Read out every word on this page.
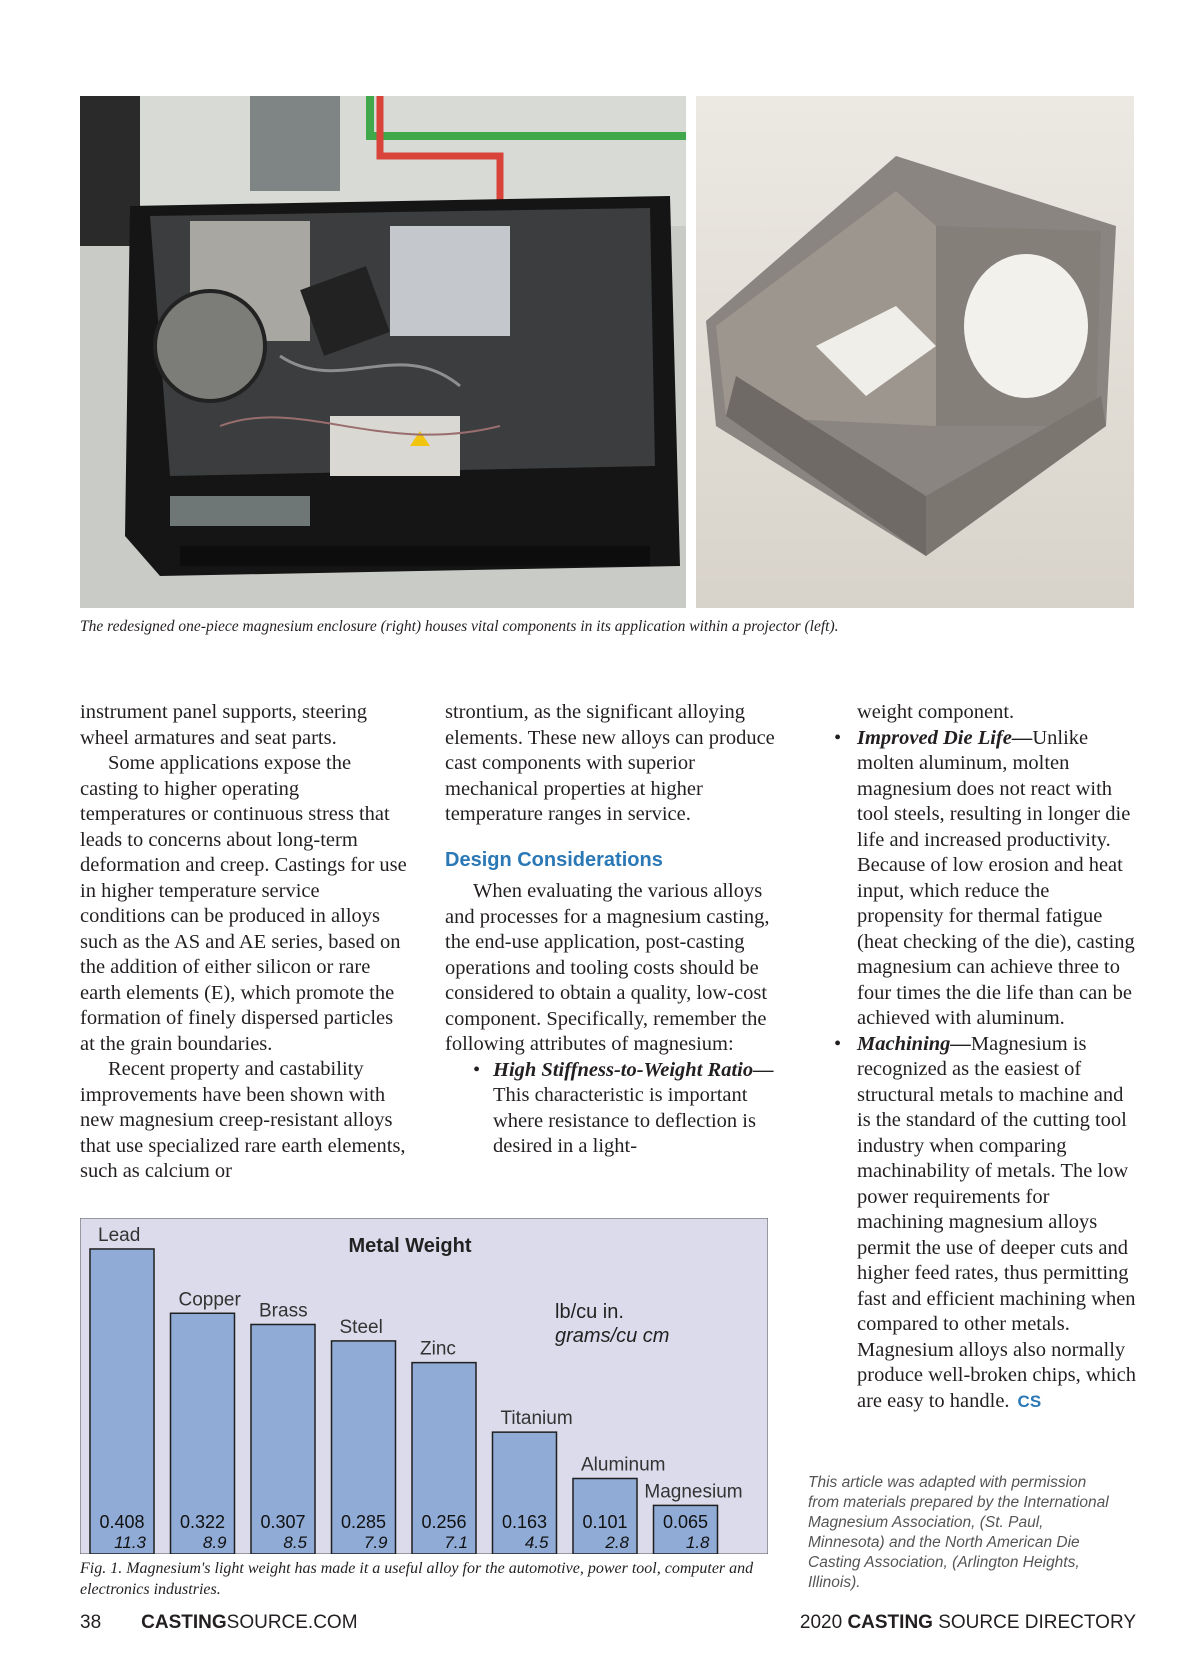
The redesigned one-piece magnesium enclosure (right) houses vital components in its application within a projector (left).

instrument panel supports, steering wheel armatures and seat parts.

Some applications expose the casting to higher operating temperatures or continuous stress that leads to concerns about long-term deformation and creep. Castings for use in higher temperature service conditions can be produced in alloys such as the AS and AE series, based on the addition of either silicon or rare earth elements (E), which promote the formation of finely dispersed particles at the grain boundaries.

Recent property and castability improvements have been shown with new magnesium creep-resistant alloys that use specialized rare earth elements, such as calcium or

strontium, as the significant alloying elements. These new alloys can produce cast components with superior mechanical properties at higher temperature ranges in service.

Design Considerations

When evaluating the various alloys and processes for a magnesium casting, the end-use application, post-casting operations and tooling costs should be considered to obtain a quality, low-cost component. Specifically, remember the following attributes of magnesium:

• High Stiffness-to-Weight Ratio—This characteristic is important where resistance to deflection is desired in a light-

weight component.

• Improved Die Life—Unlike molten aluminum, molten magnesium does not react with tool steels, resulting in longer die life and increased productivity. Because of low erosion and heat input, which reduce the propensity for thermal fatigue (heat checking of the die), casting magnesium can achieve three to four times the die life than can be achieved with aluminum.

• Machining—Magnesium is recognized as the easiest of structural metals to machine and is the standard of the cutting tool industry when comparing machinability of metals. The low power requirements for machining magnesium alloys permit the use of deeper cuts and higher feed rates, thus permitting fast and efficient machining when compared to other metals. Magnesium alloys also normally produce well-broken chips, which are easy to handle. CS

Metal Weight
lb/cu in.
grams/cu cm
Lead
0.408
11.3
Copper
0.322
8.9
Brass
0.307
8.5
Steel
0.285
7.9
Zinc
0.256
7.1
Titanium
0.163
4.5
Aluminum
0.101
2.8
Magnesium
0.065
1.8
Fig. 1. Magnesium's light weight has made it a useful alloy for the automotive, power tool, computer and electronics industries.
This article was adapted with permission from materials prepared by the International Magnesium Association, (St. Paul, Minnesota) and the North American Die Casting Association, (Arlington Heights, Illinois).
38 CASTINGSOURCE.COM	2020 CASTING SOURCE DIRECTORY
